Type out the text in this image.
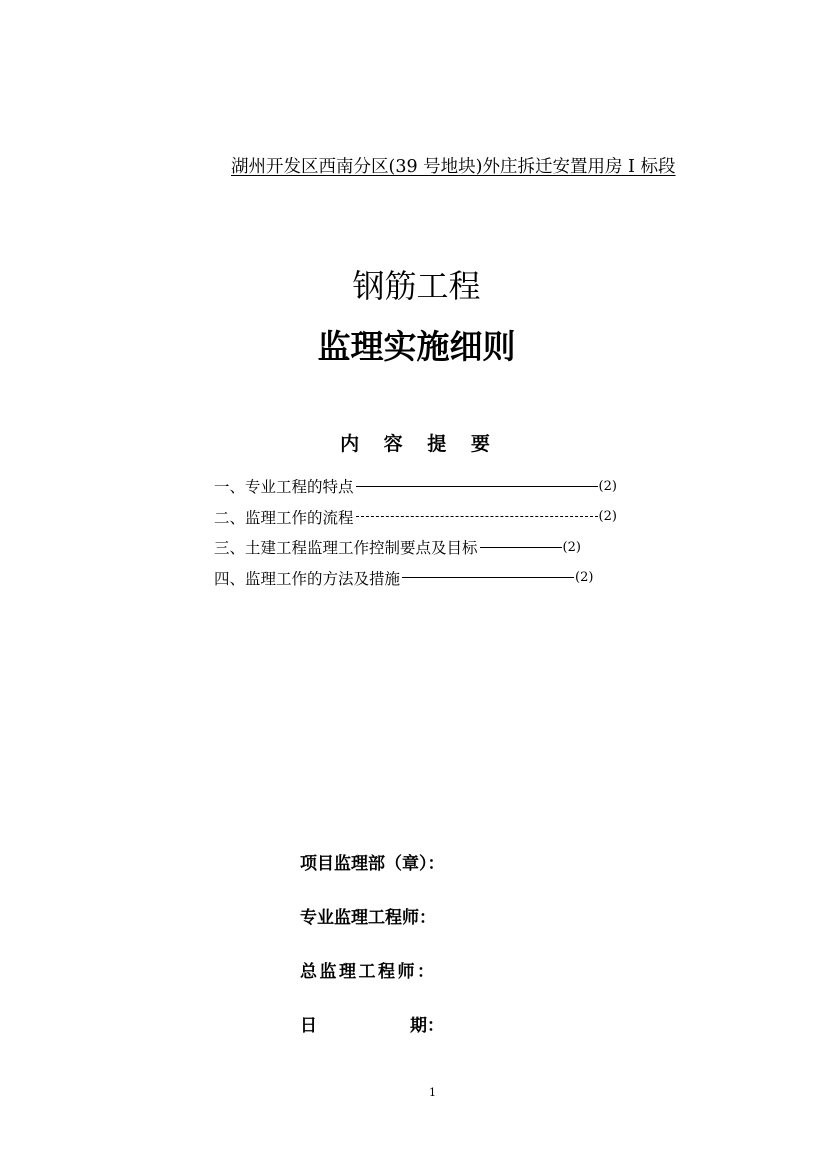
湖州开发区西南分区(39 号地块)外庄拆迁安置用房 I 标段
钢筋工程
监理实施细则
内 容 提 要
一、专业工程的特点	(2)
二、监理工作的流程	(2)
三、土建工程监理工作控制要点及目标	(2)
四、监理工作的方法及措施	(2)
项目监理部（章）：
专业监理工程师：
总监理工程师：
日	期：
1
